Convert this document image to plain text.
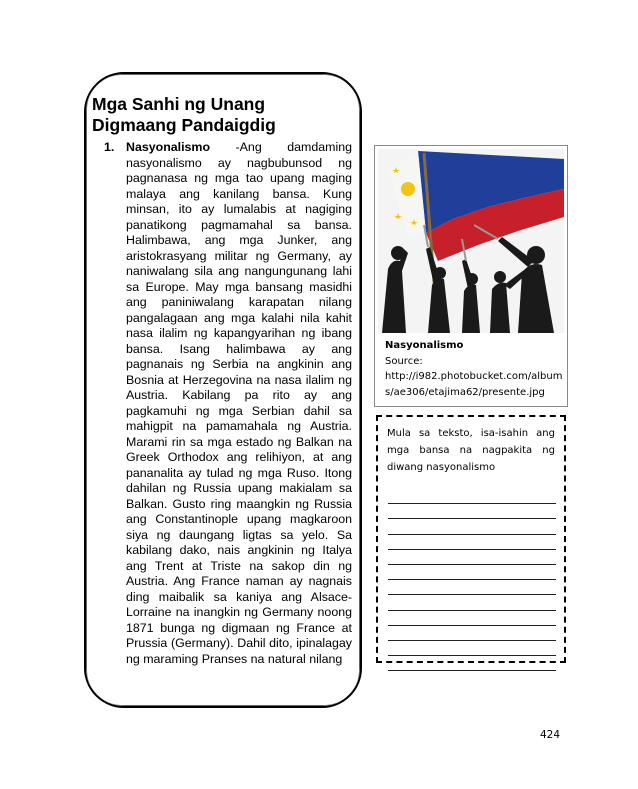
Mga Sanhi ng Unang
Digmaang Pandaigdig
1. Nasyonalismo -Ang damdaming nasyonalismo ay nagbubunsod ng pagnanasa ng mga tao upang maging malaya ang kanilang bansa. Kung minsan, ito ay lumalabis at nagiging panatikong pagmamahal sa bansa. Halimbawa, ang mga Junker, ang aristokrasyang militar ng Germany, ay naniwalang sila ang nangungunang lahi sa Europe. May mga bansang masidhi ang paniniwalang karapatan nilang pangalagaan ang mga kalahi nila kahit nasa ilalim ng kapangyarihan ng ibang bansa. Isang halimbawa ay ang pagnanais ng Serbia na angkinin ang Bosnia at Herzegovina na nasa ilalim ng Austria. Kabilang pa rito ay ang pagkamuhi ng mga Serbian dahil sa mahigpit na pamamahala ng Austria. Marami rin sa mga estado ng Balkan na Greek Orthodox ang relihiyon, at ang pananalita ay tulad ng mga Ruso. Itong dahilan ng Russia upang makialam sa Balkan. Gusto ring maangkin ng Russia ang Constantinople upang magkaroon siya ng daungang ligtas sa yelo. Sa kabilang dako, nais angkinin ng Italya ang Trent at Triste na sakop din ng Austria. Ang France naman ay nagnais ding maibalik sa kaniya ang Alsace-Lorraine na inangkin ng Germany noong 1871 bunga ng digmaan ng France at Prussia (Germany). Dahil dito, ipinalagay ng maraming Pranses na natural nilang
Nasyonalismo
Source:
http://i982.photobucket.com/albums/ae306/etajima62/presente.jpg
Mula sa teksto, isa-isahin ang mga bansa na nagpakita ng diwang nasyonalismo
424
